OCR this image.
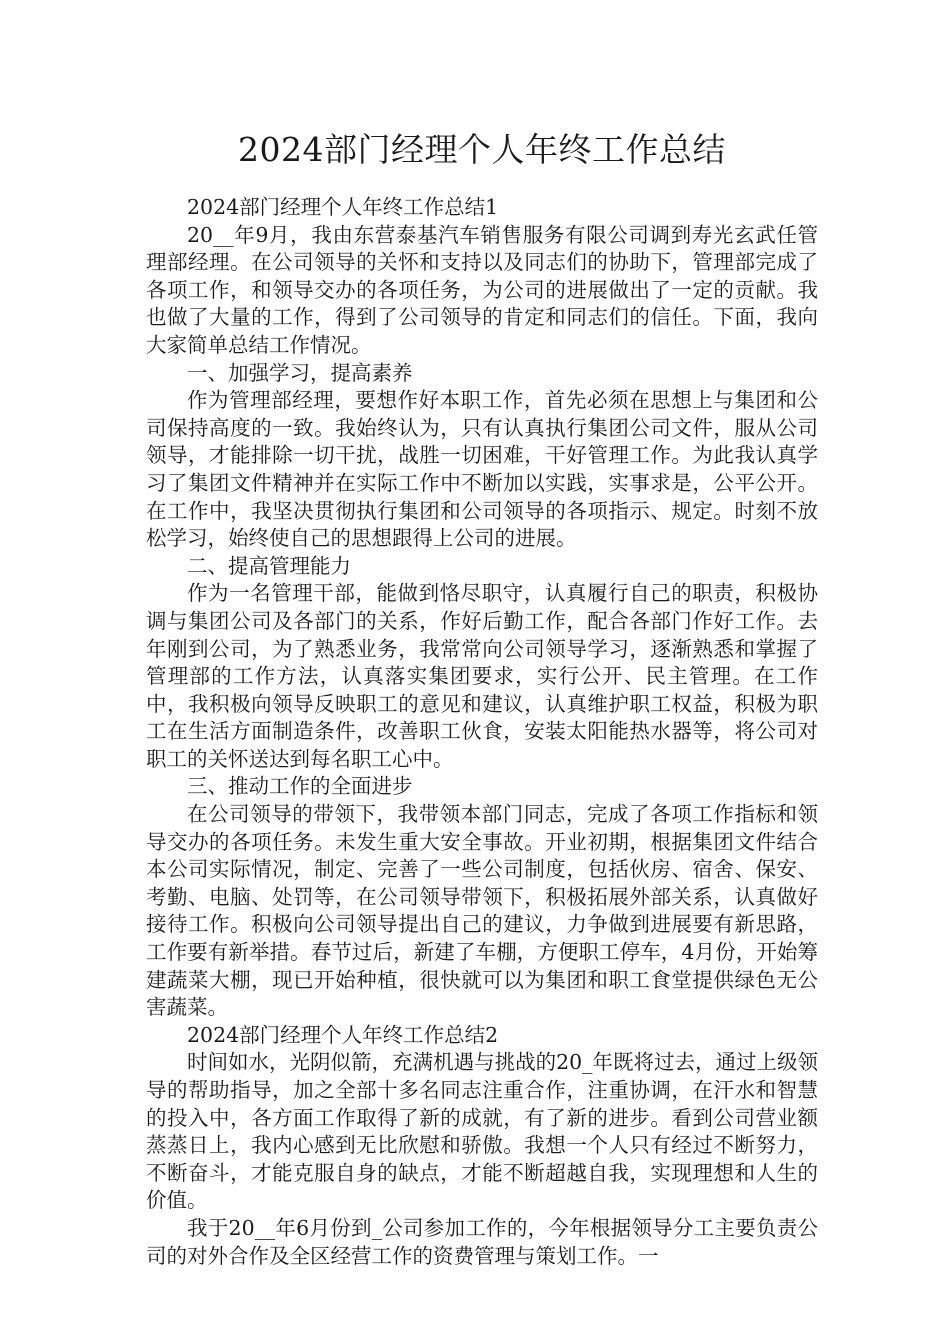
2024部门经理个人年终工作总结

2024部门经理个人年终工作总结1

20__年9月，我由东营泰基汽车销售服务有限公司调到寿光玄武任管理部经理。在公司领导的关怀和支持以及同志们的协助下，管理部完成了各项工作，和领导交办的各项任务，为公司的进展做出了一定的贡献。我也做了大量的工作，得到了公司领导的肯定和同志们的信任。下面，我向大家简单总结工作情况。

一、加强学习，提高素养

作为管理部经理，要想作好本职工作，首先必须在思想上与集团和公司保持高度的一致。我始终认为，只有认真执行集团公司文件，服从公司领导，才能排除一切干扰，战胜一切困难，干好管理工作。为此我认真学习了集团文件精神并在实际工作中不断加以实践，实事求是，公平公开。在工作中，我坚决贯彻执行集团和公司领导的各项指示、规定。时刻不放松学习，始终使自己的思想跟得上公司的进展。

二、提高管理能力

作为一名管理干部，能做到恪尽职守，认真履行自己的职责，积极协调与集团公司及各部门的关系，作好后勤工作，配合各部门作好工作。去年刚到公司，为了熟悉业务，我常常向公司领导学习，逐渐熟悉和掌握了管理部的工作方法，认真落实集团要求，实行公开、民主管理。在工作中，我积极向领导反映职工的意见和建议，认真维护职工权益，积极为职工在生活方面制造条件，改善职工伙食，安装太阳能热水器等，将公司对职工的关怀送达到每名职工心中。

三、推动工作的全面进步

在公司领导的带领下，我带领本部门同志，完成了各项工作指标和领导交办的各项任务。未发生重大安全事故。开业初期，根据集团文件结合本公司实际情况，制定、完善了一些公司制度，包括伙房、宿舍、保安、考勤、电脑、处罚等，在公司领导带领下，积极拓展外部关系，认真做好接待工作。积极向公司领导提出自己的建议，力争做到进展要有新思路，工作要有新举措。春节过后，新建了车棚，方便职工停车，4月份，开始筹建蔬菜大棚，现已开始种植，很快就可以为集团和职工食堂提供绿色无公害蔬菜。

2024部门经理个人年终工作总结2

时间如水，光阴似箭，充满机遇与挑战的20_年既将过去，通过上级领导的帮助指导，加之全部十多名同志注重合作，注重协调，在汗水和智慧的投入中，各方面工作取得了新的成就，有了新的进步。看到公司营业额蒸蒸日上，我内心感到无比欣慰和骄傲。我想一个人只有经过不断努力，不断奋斗，才能克服自身的缺点，才能不断超越自我，实现理想和人生的价值。

我于20__年6月份到_公司参加工作的，今年根据领导分工主要负责公司的对外合作及全区经营工作的资费管理与策划工作。一
